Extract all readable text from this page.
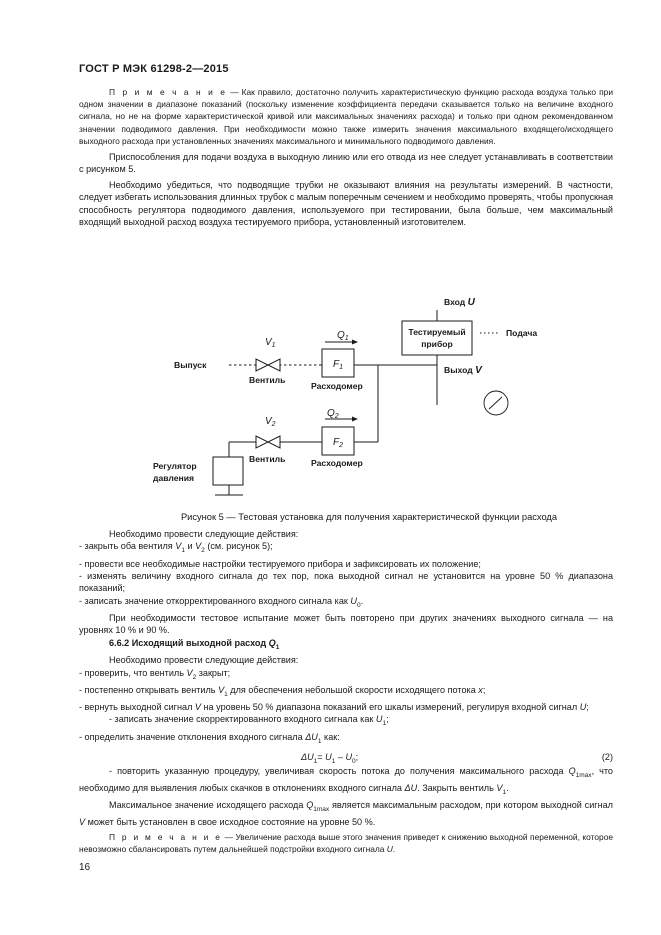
ГОСТ Р МЭК 61298-2—2015

П р и м е ч а н и е — Как правило, достаточно получить характеристическую функцию расхода воздуха только при одном значении в диапазоне показаний (поскольку изменение коэффициента передачи сказывается только на величине входного сигнала, но не на форме характеристической кривой или максимальных значениях расхода) и только при одном рекомендованном значении подводимого давления. При необходимости можно также измерить значения максимального входящего/исходящего выходного расхода при установленных значениях максимального и минимального подводимого давления.

Приспособления для подачи воздуха в выходную линию или его отвода из нее следует устанавливать в соответствии с рисунком 5.

Необходимо убедиться, что подводящие трубки не оказывают влияния на результаты измерений. В частности, следует избегать использования длинных трубок с малым поперечным сечением и необходимо проверять, чтобы пропускная способность регулятора подводимого давления, используемого при тестировании, была больше, чем максимальный входящий выходной расход воздуха тестируемого прибора, установленный изготовителем.

Вход U
Тестируемый
прибор
Подача
Выход V
Выпуск
$V_1$
Вентиль
$F_1$
$Q_1$
Расходомер
$V_2$
Вентиль
$F_2$
$Q_2$
Расходомер
Регулятор
давления
Рисунок 5 — Тестовая установка для получения характеристической функции расхода

Необходимо провести следующие действия:

- закрыть оба вентиля $V_1$ и $V_2$ (см. рисунок 5);

- провести все необходимые настройки тестируемого прибора и зафиксировать их положение;

- изменять величину входного сигнала до тех пор, пока выходной сигнал не установится на уровне 50 % диапазона показаний;

- записать значение откорректированного входного сигнала как $U_0$.

При необходимости тестовое испытание может быть повторено при других значениях выходного сигнала — на уровнях 10 % и 90 %.

6.6.2 Исходящий выходной расход $Q_1$

Необходимо провести следующие действия:

- проверить, что вентиль $V_2$ закрыт;

- постепенно открывать вентиль $V_1$ для обеспечения небольшой скорости исходящего потока x;

- вернуть выходной сигнал V на уровень 50 % диапазона показаний его шкалы измерений, регулируя входной сигнал U;

- записать значение скорректированного входного сигнала как $U_1$;

- определить значение отклонения входного сигнала $\Delta U_1$ как:

$\Delta U_1= U_1 - U_0$;	(2)

- повторить указанную процедуру, увеличивая скорость потока до получения максимального расхода $Q_{1max}$, что необходимо для выявления любых скачков в отклонениях входного сигнала ΔU. Закрыть вентиль $V_1$.

Максимальное значение исходящего расхода $Q_{1max}$ является максимальным расходом, при котором выходной сигнал V может быть установлен в свое исходное состояние на уровне 50 %.

П р и м е ч а н и е — Увеличение расхода выше этого значения приведет к снижению выходной переменной, которое невозможно сбалансировать путем дальнейшей подстройки входного сигнала U.

16
